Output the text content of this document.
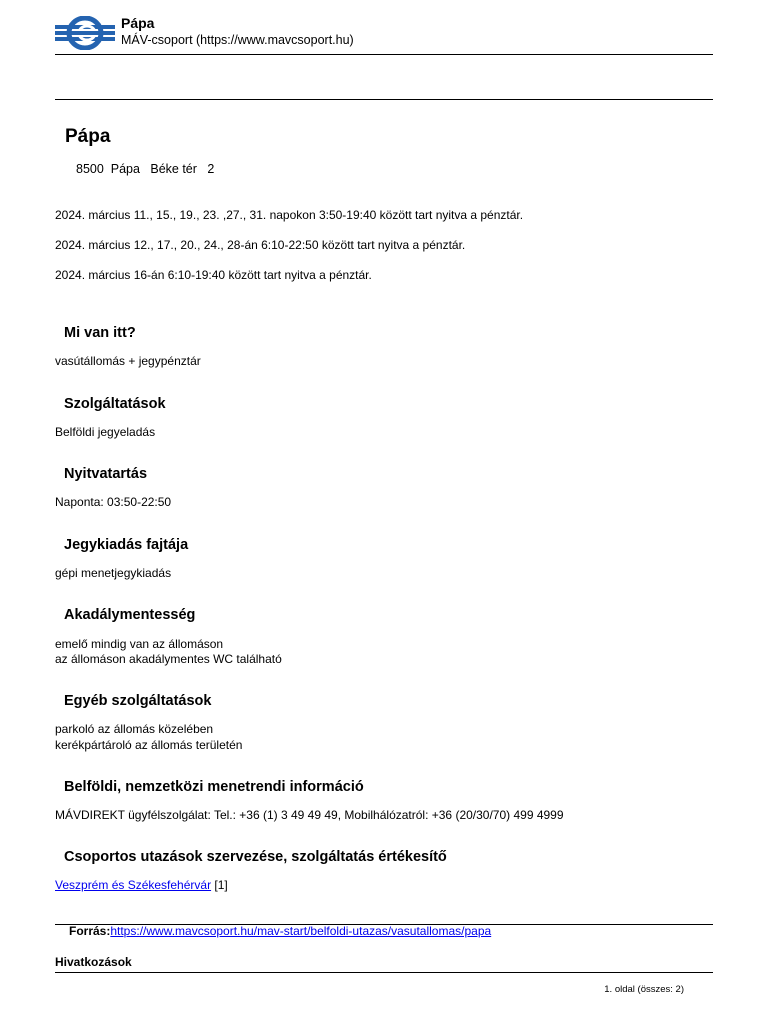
Pápa
MÁV-csoport (https://www.mavcsoport.hu)
Pápa
8500  Pápa   Béke tér   2
2024. március 11., 15., 19., 23. ,27., 31. napokon 3:50-19:40 között tart nyitva a pénztár.
2024. március 12., 17., 20., 24., 28-án 6:10-22:50 között tart nyitva a pénztár.
2024. március 16-án 6:10-19:40 között tart nyitva a pénztár.
Mi van itt?
vasútállomás + jegypénztár
Szolgáltatások
Belföldi jegyeladás
Nyitvatartás
Naponta: 03:50-22:50
Jegykiadás fajtája
gépi menetjegykiadás
Akadálymentesség
emelő mindig van az állomáson
az állomáson akadálymentes WC található
Egyéb szolgáltatások
parkoló az állomás közelében
kerékpártároló az állomás területén
Belföldi, nemzetközi menetrendi információ
MÁVDIREKT ügyfélszolgálat: Tel.: +36 (1) 3 49 49 49, Mobilhálózatról: +36 (20/30/70) 499 4999
Csoportos utazások szervezése, szolgáltatás értékesítő
Veszprém és Székesfehérvár [1]
Forrás:https://www.mavcsoport.hu/mav-start/belfoldi-utazas/vasutallomas/papa
Hivatkozások
1. oldal (összes: 2)
